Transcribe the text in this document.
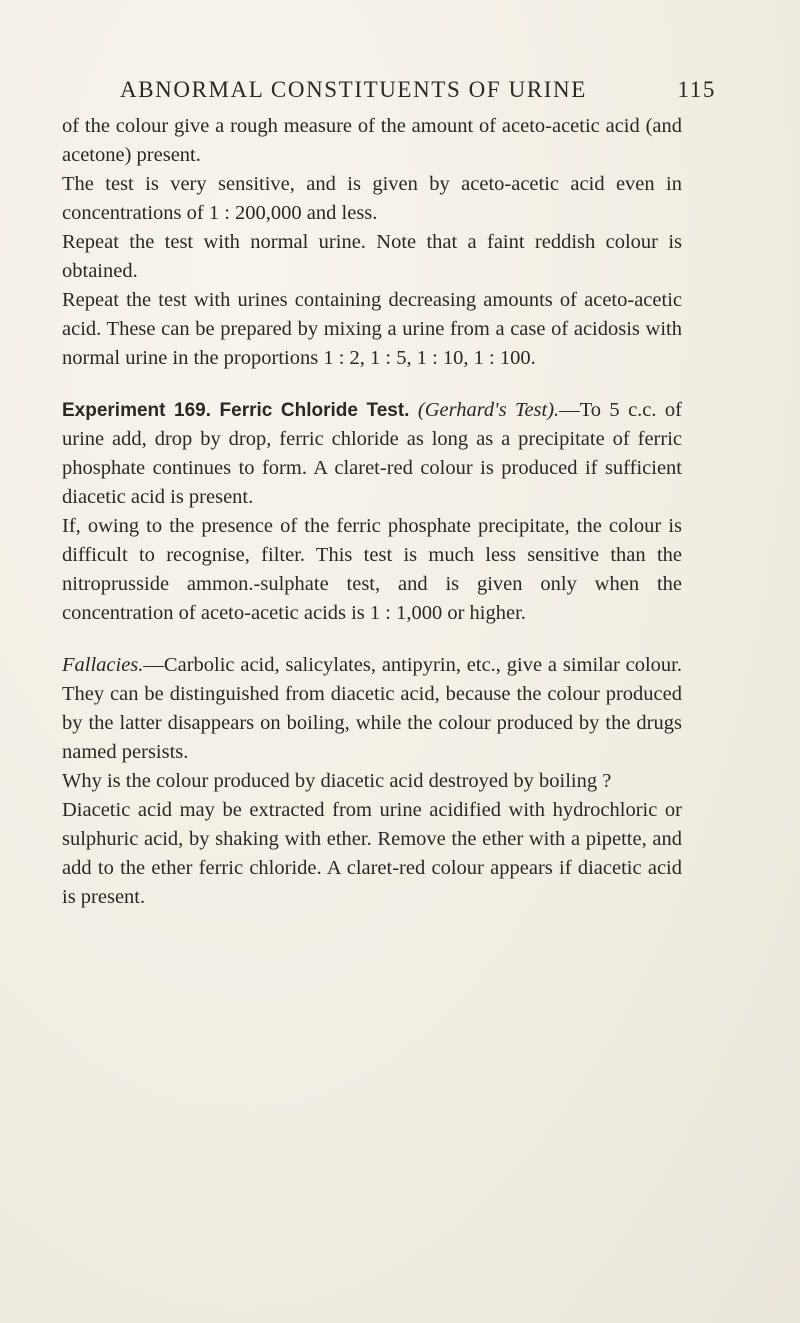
ABNORMAL CONSTITUENTS OF URINE	115

of the colour give a rough measure of the amount of aceto-acetic acid (and acetone) present.

The test is very sensitive, and is given by aceto-acetic acid even in concentrations of 1 : 200,000 and less.

Repeat the test with normal urine. Note that a faint reddish colour is obtained.

Repeat the test with urines containing decreasing amounts of aceto-acetic acid. These can be prepared by mixing a urine from a case of acidosis with normal urine in the proportions 1 : 2, 1 : 5, 1 : 10, 1 : 100.

Experiment 169. Ferric Chloride Test. (Gerhard's Test).—To 5 c.c. of urine add, drop by drop, ferric chloride as long as a precipitate of ferric phosphate continues to form. A claret-red colour is produced if sufficient diacetic acid is present.

If, owing to the presence of the ferric phosphate precipitate, the colour is difficult to recognise, filter. This test is much less sensitive than the nitroprusside ammon.-sulphate test, and is given only when the concentration of aceto-acetic acids is 1 : 1,000 or higher.

Fallacies.—Carbolic acid, salicylates, antipyrin, etc., give a similar colour. They can be distinguished from diacetic acid, because the colour produced by the latter disappears on boiling, while the colour produced by the drugs named persists.

Why is the colour produced by diacetic acid destroyed by boiling ?

Diacetic acid may be extracted from urine acidified with hydrochloric or sulphuric acid, by shaking with ether. Remove the ether with a pipette, and add to the ether ferric chloride. A claret-red colour appears if diacetic acid is present.
